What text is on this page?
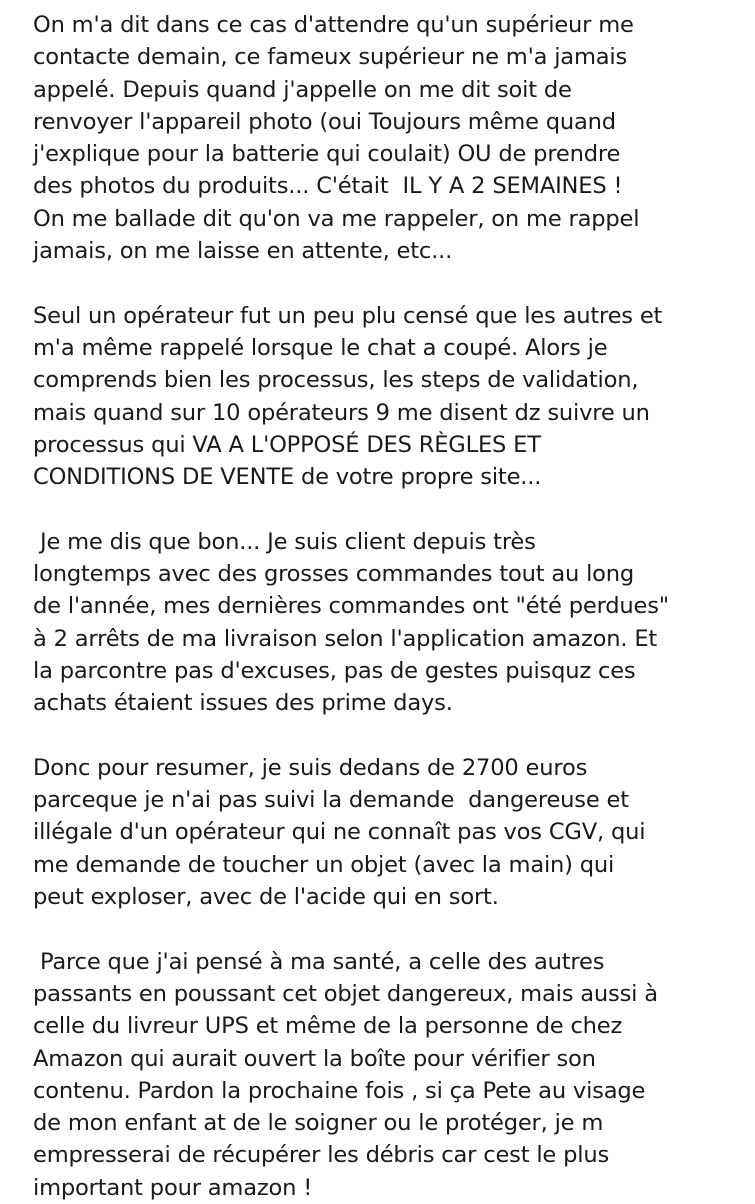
On m'a dit dans ce cas d'attendre qu'un supérieur me
contacte demain, ce fameux supérieur ne m'a jamais
appelé. Depuis quand j'appelle on me dit soit de
renvoyer l'appareil photo (oui Toujours même quand
j'explique pour la batterie qui coulait) OU de prendre
des photos du produits... C'était  IL Y A 2 SEMAINES !
On me ballade dit qu'on va me rappeler, on me rappel
jamais, on me laisse en attente, etc...
Seul un opérateur fut un peu plu censé que les autres et
m'a même rappelé lorsque le chat a coupé. Alors je
comprends bien les processus, les steps de validation,
mais quand sur 10 opérateurs 9 me disent dz suivre un
processus qui VA A L'OPPOSÉ DES RÈGLES ET
CONDITIONS DE VENTE de votre propre site...
Je me dis que bon... Je suis client depuis très
longtemps avec des grosses commandes tout au long
de l'année, mes dernières commandes ont "été perdues"
à 2 arrêts de ma livraison selon l'application amazon. Et
la parcontre pas d'excuses, pas de gestes puisquz ces
achats étaient issues des prime days.
Donc pour resumer, je suis dedans de 2700 euros
parceque je n'ai pas suivi la demande  dangereuse et
illégale d'un opérateur qui ne connaît pas vos CGV, qui
me demande de toucher un objet (avec la main) qui
peut exploser, avec de l'acide qui en sort.
Parce que j'ai pensé à ma santé, a celle des autres
passants en poussant cet objet dangereux, mais aussi à
celle du livreur UPS et même de la personne de chez
Amazon qui aurait ouvert la boîte pour vérifier son
contenu. Pardon la prochaine fois , si ça Pete au visage
de mon enfant at de le soigner ou le protéger, je m
empresserai de récupérer les débris car cest le plus
important pour amazon !
